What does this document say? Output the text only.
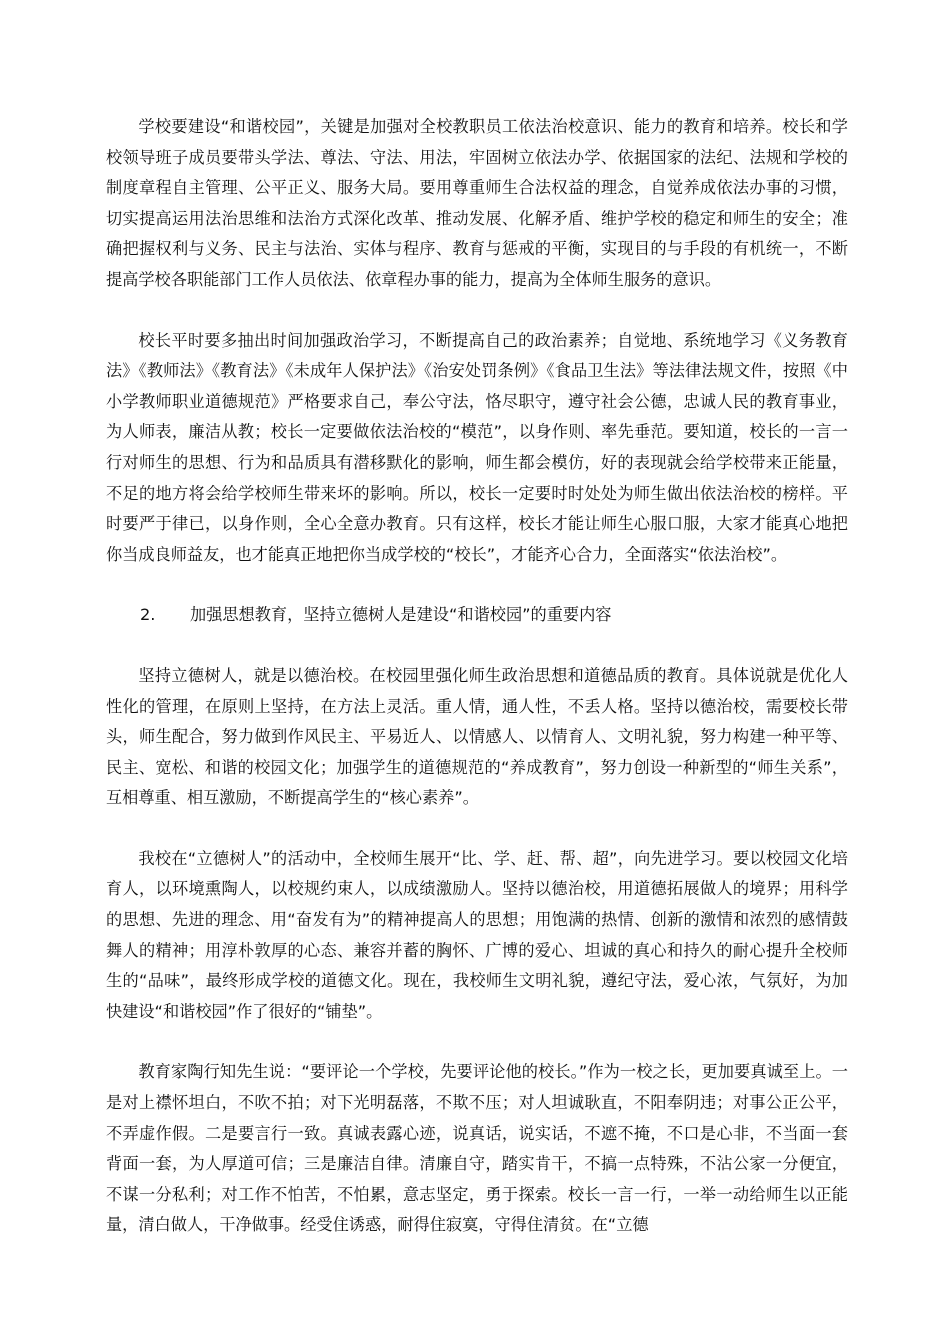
学校要建设“和谐校园”，关键是加强对全校教职员工依法治校意识、能力的教育和培养。校长和学校领导班子成员要带头学法、尊法、守法、用法，牢固树立依法办学、依据国家的法纪、法规和学校的制度章程自主管理、公平正义、服务大局。要用尊重师生合法权益的理念，自觉养成依法办事的习惯，切实提高运用法治思维和法治方式深化改革、推动发展、化解矛盾、维护学校的稳定和师生的安全；准确把握权利与义务、民主与法治、实体与程序、教育与惩戒的平衡，实现目的与手段的有机统一，不断提高学校各职能部门工作人员依法、依章程办事的能力，提高为全体师生服务的意识。

校长平时要多抽出时间加强政治学习，不断提高自己的政治素养；自觉地、系统地学习《义务教育法》《教师法》《教育法》《未成年人保护法》《治安处罚条例》《食品卫生法》等法律法规文件，按照《中小学教师职业道德规范》严格要求自己，奉公守法，恪尽职守，遵守社会公德，忠诚人民的教育事业，为人师表，廉洁从教；校长一定要做依法治校的“模范”，以身作则、率先垂范。要知道，校长的一言一行对师生的思想、行为和品质具有潜移默化的影响，师生都会模仿，好的表现就会给学校带来正能量，不足的地方将会给学校师生带来坏的影响。所以，校长一定要时时处处为师生做出依法治校的榜样。平时要严于律已，以身作则，全心全意办教育。只有这样，校长才能让师生心服口服，大家才能真心地把你当成良师益友，也才能真正地把你当成学校的“校长”，才能齐心合力，全面落实“依法治校”。

2. 加强思想教育，坚持立德树人是建设“和谐校园”的重要内容

坚持立德树人，就是以德治校。在校园里强化师生政治思想和道德品质的教育。具体说就是优化人性化的管理，在原则上坚持，在方法上灵活。重人情，通人性，不丢人格。坚持以德治校，需要校长带头，师生配合，努力做到作风民主、平易近人、以情感人、以情育人、文明礼貌，努力构建一种平等、民主、宽松、和谐的校园文化；加强学生的道德规范的“养成教育”，努力创设一种新型的“师生关系”，互相尊重、相互激励，不断提高学生的“核心素养”。

我校在“立德树人”的活动中，全校师生展开“比、学、赶、帮、超”，向先进学习。要以校园文化培育人，以环境熏陶人，以校规约束人，以成绩激励人。坚持以德治校，用道德拓展做人的境界；用科学的思想、先进的理念、用“奋发有为”的精神提高人的思想；用饱满的热情、创新的激情和浓烈的感情鼓舞人的精神；用淳朴敦厚的心态、兼容并蓄的胸怀、广博的爱心、坦诚的真心和持久的耐心提升全校师生的“品味”，最终形成学校的道德文化。现在，我校师生文明礼貌，遵纪守法，爱心浓，气氛好，为加快建设“和谐校园”作了很好的“铺垫”。

教育家陶行知先生说：“要评论一个学校，先要评论他的校长。”作为一校之长，更加要真诚至上。一是对上襟怀坦白，不吹不拍；对下光明磊落，不欺不压；对人坦诚耿直，不阳奉阴违；对事公正公平，不弄虚作假。二是要言行一致。真诚表露心迹，说真话，说实话，不遮不掩，不口是心非，不当面一套背面一套，为人厚道可信；三是廉洁自律。清廉自守，踏实肯干，不搞一点特殊，不沾公家一分便宜，不谋一分私利；对工作不怕苦，不怕累，意志坚定，勇于探索。校长一言一行，一举一动给师生以正能量，清白做人，干净做事。经受住诱惑，耐得住寂寞，守得住清贫。在“立德
